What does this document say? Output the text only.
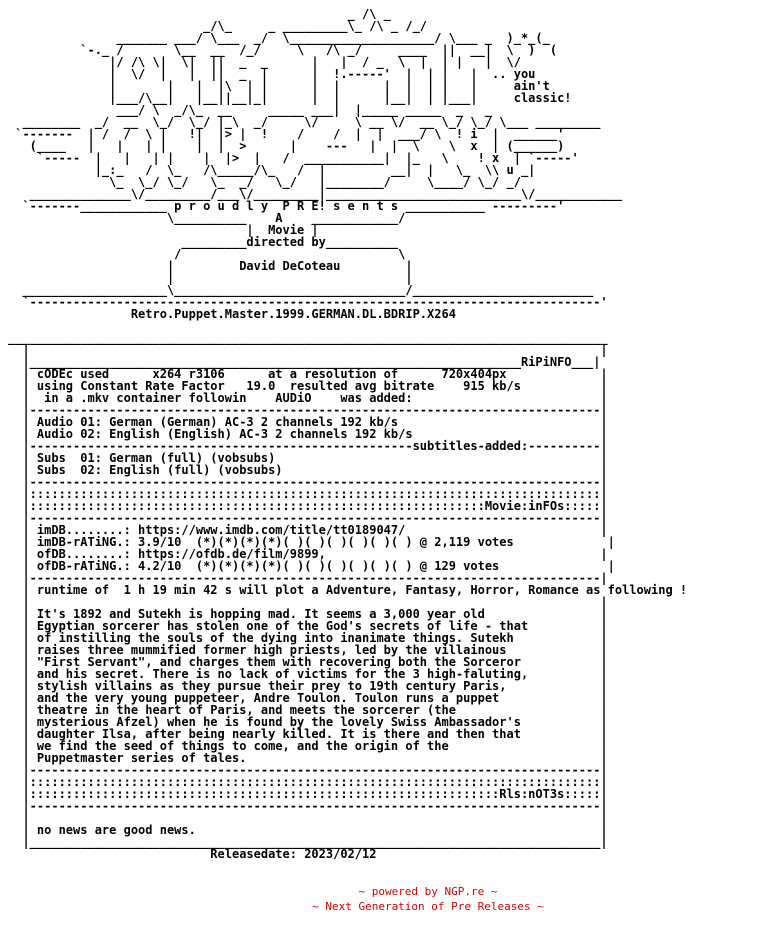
_ /\ _
_/\_     _ _________\_ /\ _ /_/
_______ ___/ \___  _/  \____________________/ \___ _  )_*_(_
`-._ /       \__  __  /_/     \   /\ _/     ____  ||  __|  \  )  (
|/ /\ \|  \|  ||  _  _      |   |  / _  \  |  | |   |  \/
|  \/  |   |  ||  _  |      |  !.-----'  |  | |   |  .. you
|       |   |  |\  | |      |  |      |  |  | |   |     ain't
|___/\__|   |__||__|_|      |  |      |__|  | |___|     classic!
___/ \  _/\_  __     _____ ___|  |_____ _____  _   _
________  _/  __  \_/  \_/ |_\  _/     \/     \ __ \/  __ \_/ \_/ \___ _________
`-------  | /  /  \ |   !|  |> |  !    /    /  |  |  ___/ \  ! i  |  ______'
(____   |   |   | |    |  |  >      |    ---   |  |  \    \  x  | (______)
`-----  |   |   | |    |  |>  |   /  ___________|  |_   \    ! x  | `-----'
|_:_   /  \_   /\_____/\_   /  |         __|  |   \_  \\ u _|
\_  \_/ \_/   \_  _/   \_/   |________/     \____/ \_/ _/
______________\/_________/___\/_________|___________________________\/____________
`-------____________ p r o u d l y  P R E! s e n t s ___________ ---------'
\__________    A    ____________/
|  Movie |
_________directed by__________
/                              \
|         David DeCoteau         |
|                                |
____________________\________________________________/_________________________
`-------------------------------------------------------------------------------'
Retro.Puppet.Master.1999.GERMAN.DL.BDRIP.X264

___________________________________________________________________________________
|                                                                               |
|____________________________________________________________________RiPiNFO___|
| cODEc used      x264 r3106      at a resolution of      720x404px             |
| using Constant Rate Factor   19.0  resulted avg bitrate    915 kb/s           |
|  in a .mkv container followin    AUDiO    was added:                          |
|-------------------------------------------------------------------------------|
| Audio 01: German (German) AC-3 2 channels 192 kb/s                            |
| Audio 02: English (English) AC-3 2 channels 192 kb/s                          |
|-----------------------------------------------------subtitles-added:----------|
| Subs  01: German (full) (vobsubs)                                             |
| Subs  02: English (full) (vobsubs)                                            |
|-------------------------------------------------------------------------------|
|:::::::::::::::::::::::::::::::::::::::::::::::::::::::::::::::::::::::::::::::|
|:::::::::::::::::::::::::::::::::::::::::::::::::::::::::::::::Movie:inFOs:::::|
|-------------------------------------------------------------------------------|
| imDB........: https://www.imdb.com/title/tt0189047/                           |
| imDB-rATiNG.: 3.9/10  (*)(*)(*)(*)( )( )( )( )( )( ) @ 2,119 votes             |
| ofDB........: https://ofdb.de/film/9899,                                      |
| ofDB-rATiNG.: 4.2/10  (*)(*)(*)(*)( )( )( )( )( )( ) @ 129 votes               |
|-------------------------------------------------------------------------------|
| runtime of  1 h 19 min 42 s will plot a Adventure, Fantasy, Horror, Romance as following !
|                                                                               |
| It's 1892 and Sutekh is hopping mad. It seems a 3,000 year old                |
| Egyptian sorcerer has stolen one of the God's secrets of life - that          |
| of instilling the souls of the dying into inanimate things. Sutekh            |
| raises three mummified former high priests, led by the villainous             |
| "First Servant", and charges them with recovering both the Sorceror           |
| and his secret. There is no lack of victims for the 3 high-faluting,          |
| stylish villains as they pursue their prey to 19th century Paris,             |
| and the very young puppeteer, Andre Toulon. Toulon runs a puppet              |
| theatre in the heart of Paris, and meets the sorcerer (the                    |
| mysterious Afzel) when he is found by the lovely Swiss Ambassador's           |
| daughter Ilsa, after being nearly killed. It is there and then that           |
| we find the seed of things to come, and the origin of the                     |
| Puppetmaster series of tales.                                                 |
|-------------------------------------------------------------------------------|
|:::::::::::::::::::::::::::::::::::::::::::::::::::::::::::::::::::::::::::::::|
|:::::::::::::::::::::::::::::::::::::::::::::::::::::::::::::::::Rls:nOT3s:::::|
|-------------------------------------------------------------------------------|
|                                                                               |
| no news are good news.                                                        |
|_______________________________________________________________________________|
Releasedate: 2023/02/12
~ powered by NGP.re ~
~ Next Generation of Pre Releases ~
